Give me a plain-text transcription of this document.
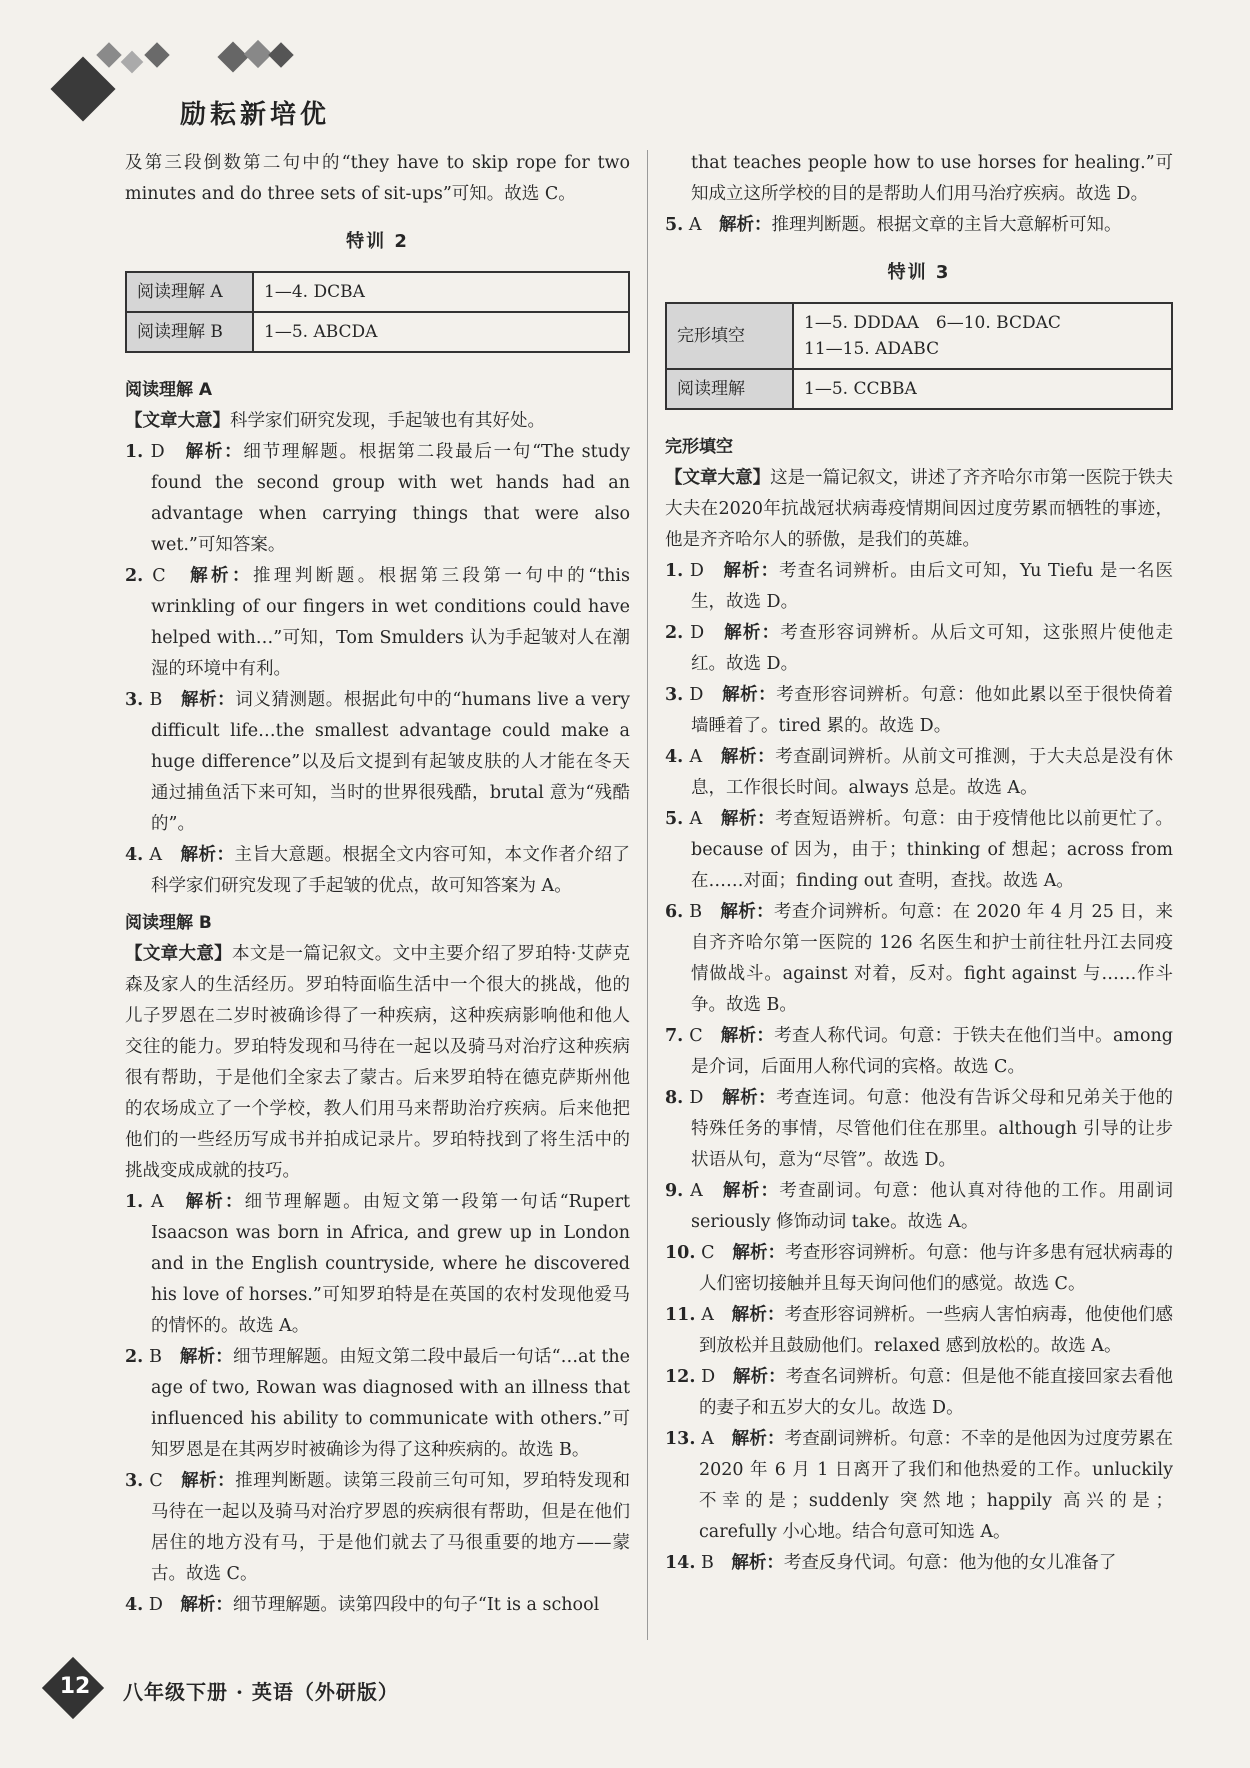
励耘新培优

及第三段倒数第二句中的“they have to skip rope for two minutes and do three sets of sit-ups”可知。故选 C。

特训 2
阅读理解 A	1—4. DCBA
阅读理解 B	1—5. ABCDA
阅读理解 A

【文章大意】科学家们研究发现，手起皱也有其好处。

1. D　 解析：细节理解题。根据第二段最后一句“The study found the second group with wet hands had an advantage when carrying things that were also wet.”可知答案。

2. C　 解析：推理判断题。根据第三段第一句中的“this wrinkling of our fingers in wet conditions could have helped with…”可知，Tom Smulders 认为手起皱对人在潮湿的环境中有利。

3. B　 解析：词义猜测题。根据此句中的“humans live a very difficult life…the smallest advantage could make a huge difference”以及后文提到有起皱皮肤的人才能在冬天通过捕鱼活下来可知，当时的世界很残酷，brutal 意为“残酷的”。

4. A　 解析：主旨大意题。根据全文内容可知，本文作者介绍了科学家们研究发现了手起皱的优点，故可知答案为 A。

阅读理解 B

【文章大意】本文是一篇记叙文。文中主要介绍了罗珀特·艾萨克森及家人的生活经历。罗珀特面临生活中一个很大的挑战，他的儿子罗恩在二岁时被确诊得了一种疾病，这种疾病影响他和他人交往的能力。罗珀特发现和马待在一起以及骑马对治疗这种疾病很有帮助，于是他们全家去了蒙古。后来罗珀特在德克萨斯州他的农场成立了一个学校，教人们用马来帮助治疗疾病。后来他把他们的一些经历写成书并拍成记录片。罗珀特找到了将生活中的挑战变成成就的技巧。

1. A　 解析：细节理解题。由短文第一段第一句话“Rupert Isaacson was born in Africa, and grew up in London and in the English countryside, where he discovered his love of horses.”可知罗珀特是在英国的农村发现他爱马的情怀的。故选 A。

2. B　 解析：细节理解题。由短文第二段中最后一句话“…at the age of two, Rowan was diagnosed with an illness that influenced his ability to communicate with others.”可知罗恩是在其两岁时被确诊为得了这种疾病的。故选 B。

3. C　 解析：推理判断题。读第三段前三句可知，罗珀特发现和马待在一起以及骑马对治疗罗恩的疾病很有帮助，但是在他们居住的地方没有马，于是他们就去了马很重要的地方——蒙古。故选 C。

4. D　 解析：细节理解题。读第四段中的句子“It is a school

that teaches people how to use horses for healing.”可知成立这所学校的目的是帮助人们用马治疗疾病。故选 D。

5. A　 解析：推理判断题。根据文章的主旨大意解析可知。

特训 3
完形填空	1—5. DDDAA　6—10. BCDAC
11—15. ADABC

阅读理解	1—5. CCBBA
完形填空

【文章大意】这是一篇记叙文，讲述了齐齐哈尔市第一医院于铁夫大夫在2020年抗战冠状病毒疫情期间因过度劳累而牺牲的事迹，他是齐齐哈尔人的骄傲，是我们的英雄。

1. D　 解析：考查名词辨析。由后文可知，Yu Tiefu 是一名医生，故选 D。

2. D　 解析：考查形容词辨析。从后文可知，这张照片使他走红。故选 D。

3. D　 解析：考查形容词辨析。句意：他如此累以至于很快倚着墙睡着了。tired 累的。故选 D。

4. A　 解析：考查副词辨析。从前文可推测，于大夫总是没有休息，工作很长时间。always 总是。故选 A。

5. A　 解析：考查短语辨析。句意：由于疫情他比以前更忙了。because of 因为，由于；thinking of 想起；across from 在……对面；finding out 查明，查找。故选 A。

6. B　 解析：考查介词辨析。句意：在 2020 年 4 月 25 日，来自齐齐哈尔第一医院的 126 名医生和护士前往牡丹江去同疫情做战斗。against 对着，反对。fight against 与……作斗争。故选 B。

7. C　 解析：考查人称代词。句意：于铁夫在他们当中。among 是介词，后面用人称代词的宾格。故选 C。

8. D　 解析：考查连词。句意：他没有告诉父母和兄弟关于他的特殊任务的事情，尽管他们住在那里。although 引导的让步状语从句，意为“尽管”。故选 D。

9. A　 解析：考查副词。句意：他认真对待他的工作。用副词 seriously 修饰动词 take。故选 A。

10. C　 解析：考查形容词辨析。句意：他与许多患有冠状病毒的人们密切接触并且每天询问他们的感觉。故选 C。

11. A　 解析：考查形容词辨析。一些病人害怕病毒，他使他们感到放松并且鼓励他们。relaxed 感到放松的。故选 A。

12. D　 解析：考查名词辨析。句意：但是他不能直接回家去看他的妻子和五岁大的女儿。故选 D。

13. A　 解析：考查副词辨析。句意：不幸的是他因为过度劳累在 2020 年 6 月 1 日离开了我们和他热爱的工作。unluckily 不幸的是；suddenly 突然地；happily 高兴的是；carefully 小心地。结合句意可知选 A。

14. B　 解析：考查反身代词。句意：他为他的女儿准备了

12 八年级下册 · 英语（外研版）
